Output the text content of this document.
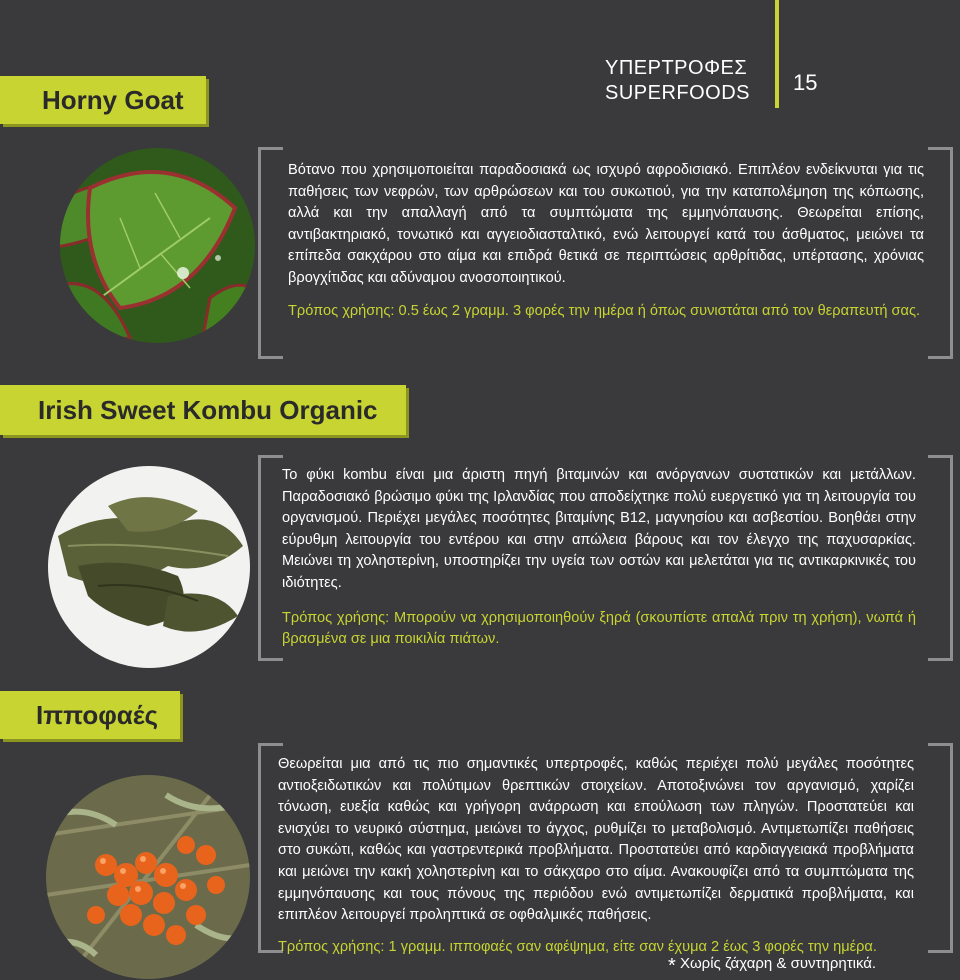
ΥΠΕΡΤΡΟΦΕΣ
SUPERFOODS	15
Horny Goat
Βότανο που χρησιμοποιείται παραδοσιακά ως ισχυρό αφροδισιακό. Επιπλέον ενδείκνυται για τις παθήσεις των νεφρών, των αρθρώσεων και του συκωτιού, για την καταπολέμηση της κόπωσης, αλλά και την απαλλαγή από τα συμπτώματα της εμμηνόπαυσης. Θεωρείται επίσης, αντιβακτηριακό, τονωτικό και αγγειοδιασταλτικό, ενώ λειτουργεί κατά του άσθματος, μειώνει τα επίπεδα σακχάρου στο αίμα και επιδρά θετικά σε περιπτώσεις αρθρίτιδας, υπέρτασης, χρόνιας βρογχίτιδας και αδύναμου ανοσοποιητικού.
Τρόπος χρήσης: 0.5 έως 2 γραμμ. 3 φορές την ημέρα ή όπως συνιστάται από τον θεραπευτή σας.
Irish Sweet Kombu Organic
Το φύκι kombu είναι μια άριστη πηγή βιταμινών και ανόργανων συστατικών και μετάλλων. Παραδοσιακό βρώσιμο φύκι της Ιρλανδίας που αποδείχτηκε πολύ ευεργετικό για τη λειτουργία του οργανισμού. Περιέχει μεγάλες ποσότητες βιταμίνης Β12, μαγνησίου και ασβεστίου. Βοηθάει στην εύρυθμη λειτουργία του εντέρου και στην απώλεια βάρους και τον έλεγχο της παχυσαρκίας. Μειώνει τη χοληστερίνη, υποστηρίζει την υγεία των οστών και μελετάται για τις αντικαρκινικές του ιδιότητες.
Τρόπος χρήσης: Μπορούν να χρησιμοποιηθούν ξηρά (σκουπίστε απαλά πριν τη χρήση), νωπά ή βρασμένα σε μια ποικιλία πιάτων.
Ιπποφαές
Θεωρείται μια από τις πιο σημαντικές υπερτροφές, καθώς περιέχει πολύ μεγάλες ποσότητες αντιοξειδωτικών και πολύτιμων θρεπτικών στοιχείων. Αποτοξινώνει τον αργανισμό, χαρίζει τόνωση, ευεξία καθώς και γρήγορη ανάρρωση και επούλωση των πληγών. Προστατεύει και ενισχύει το νευρικό σύστημα, μειώνει το άγχος, ρυθμίζει το μεταβολισμό. Αντιμετωπίζει παθήσεις στο συκώτι, καθώς και γαστρεντερικά προβλήματα. Προστατεύει από καρδιαγγειακά προβλήματα και μειώνει την κακή χοληστερίνη και το σάκχαρο στο αίμα. Ανακουφίζει από τα συμπτώματα της εμμηνόπαυσης και τους πόνους της περιόδου ενώ αντιμετωπίζει δερματικά προβλήματα, και επιπλέον λειτουργεί προληπτικά σε οφθαλμικές παθήσεις.
Τρόπος χρήσης: 1 γραμμ. ιπποφαές σαν αφέψημα, είτε σαν έχυμα 2 έως 3 φορές την ημέρα.
* Χωρίς ζάχαρη & συντηρητικά.
